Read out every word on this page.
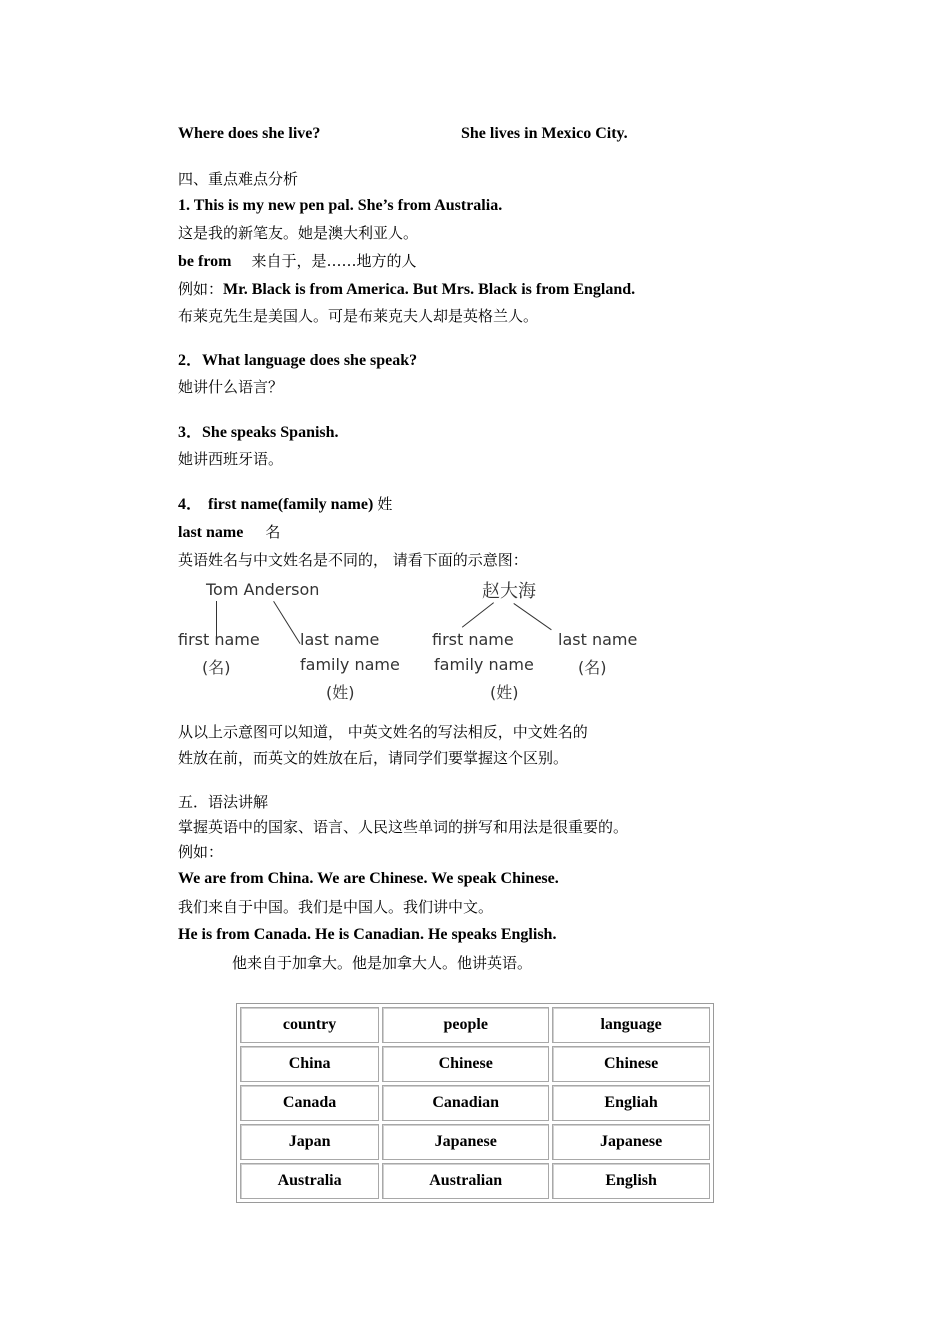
Where does she live?	She lives in Mexico City.
四、重点难点分析
1. This is my new pen pal. She’s from Australia.
这是我的新笔友。她是澳大利亚人。
be from 来自于，是……地方的人
例如：Mr. Black is from America. But Mrs. Black is from England.
布莱克先生是美国人。可是布莱克夫人却是英格兰人。
2．What language does she speak?
她讲什么语言？
3．She speaks Spanish.
她讲西班牙语。
4． first name(family name) 姓
last name 名
英语姓名与中文姓名是不同的， 请看下面的示意图：
Tom Anderson
first name
(名)
last name
family name
(姓)
赵大海
first name
family name
(姓)
last name
(名)
从以上示意图可以知道， 中英文姓名的写法相反，中文姓名的
姓放在前，而英文的姓放在后，请同学们要掌握这个区别。
五．语法讲解
掌握英语中的国家、语言、人民这些单词的拼写和用法是很重要的。
例如：
We are from China. We are Chinese. We speak Chinese.
我们来自于中国。我们是中国人。我们讲中文。
He is from Canada. He is Canadian. He speaks English.
他来自于加拿大。他是加拿大人。他讲英语。
country	people	language
China	Chinese	Chinese
Canada	Canadian	Engliah
Japan	Japanese	Japanese
Australia	Australian	English
